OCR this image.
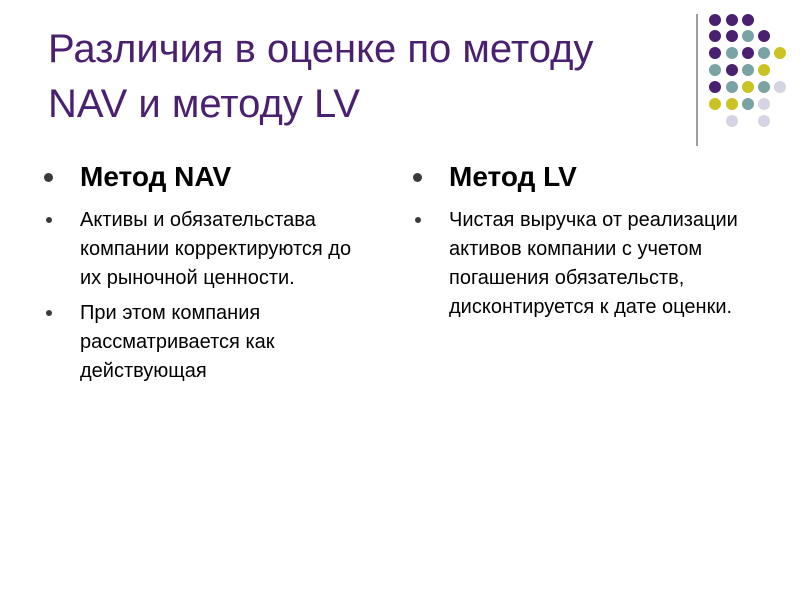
Различия в оценке по методу NAV и методу LV
Метод NAV
Активы и обязательстава компании корректируются до их рыночной ценности.
При этом компания рассматривается как действующая
Метод LV
Чистая выручка от реализации активов компании с учетом погашения обязательств, дисконтируется к дате оценки.
